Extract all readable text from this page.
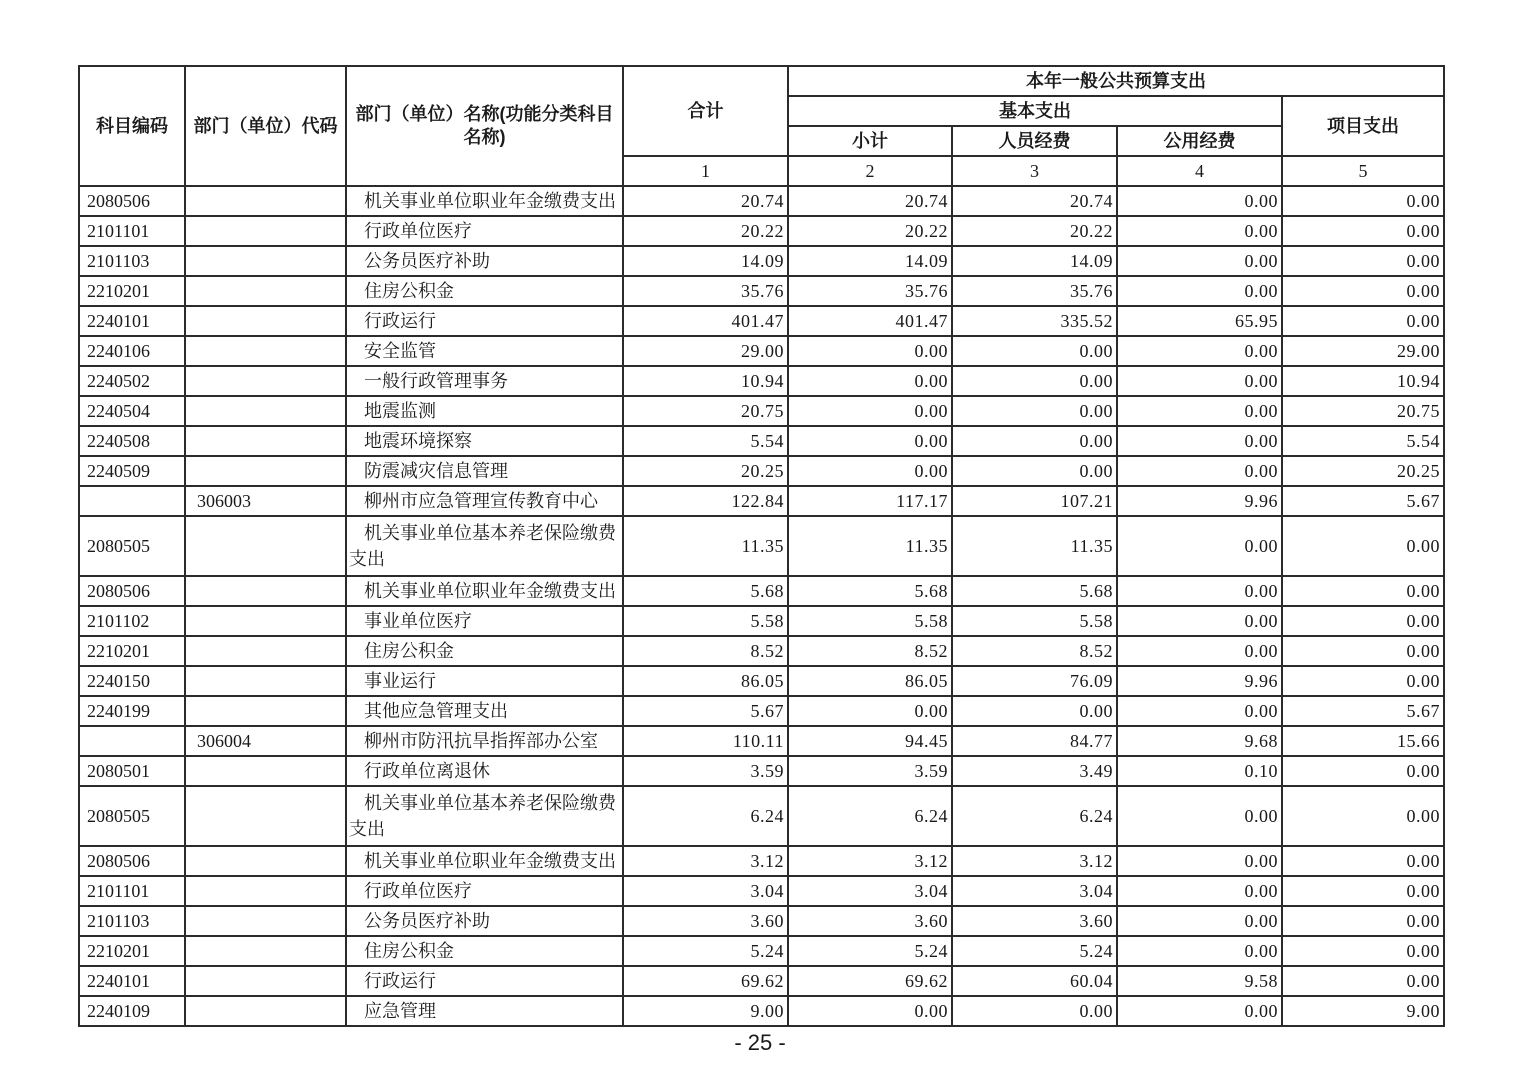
科目编码	部门（单位）代码	部门（单位）名称(功能分类科目名称)	合计	本年一般公共预算支出			
				基本支出			项目支出
				小计	人员经费	公用经费	
			1	2	3	4	5
2080506		机关事业单位职业年金缴费支出	20.74	20.74	20.74	0.00	0.00
2101101		行政单位医疗	20.22	20.22	20.22	0.00	0.00
2101103		公务员医疗补助	14.09	14.09	14.09	0.00	0.00
2210201		住房公积金	35.76	35.76	35.76	0.00	0.00
2240101		行政运行	401.47	401.47	335.52	65.95	0.00
2240106		安全监管	29.00	0.00	0.00	0.00	29.00
2240502		一般行政管理事务	10.94	0.00	0.00	0.00	10.94
2240504		地震监测	20.75	0.00	0.00	0.00	20.75
2240508		地震环境探察	5.54	0.00	0.00	0.00	5.54
2240509		防震减灾信息管理	20.25	0.00	0.00	0.00	20.25
	306003	柳州市应急管理宣传教育中心	122.84	117.17	107.21	9.96	5.67
2080505		机关事业单位基本养老保险缴费支出	11.35	11.35	11.35	0.00	0.00
2080506		机关事业单位职业年金缴费支出	5.68	5.68	5.68	0.00	0.00
2101102		事业单位医疗	5.58	5.58	5.58	0.00	0.00
2210201		住房公积金	8.52	8.52	8.52	0.00	0.00
2240150		事业运行	86.05	86.05	76.09	9.96	0.00
2240199		其他应急管理支出	5.67	0.00	0.00	0.00	5.67
	306004	柳州市防汛抗旱指挥部办公室	110.11	94.45	84.77	9.68	15.66
2080501		行政单位离退休	3.59	3.59	3.49	0.10	0.00
2080505		机关事业单位基本养老保险缴费支出	6.24	6.24	6.24	0.00	0.00
2080506		机关事业单位职业年金缴费支出	3.12	3.12	3.12	0.00	0.00
2101101		行政单位医疗	3.04	3.04	3.04	0.00	0.00
2101103		公务员医疗补助	3.60	3.60	3.60	0.00	0.00
2210201		住房公积金	5.24	5.24	5.24	0.00	0.00
2240101		行政运行	69.62	69.62	60.04	9.58	0.00
2240109		应急管理	9.00	0.00	0.00	0.00	9.00
- 25 -
